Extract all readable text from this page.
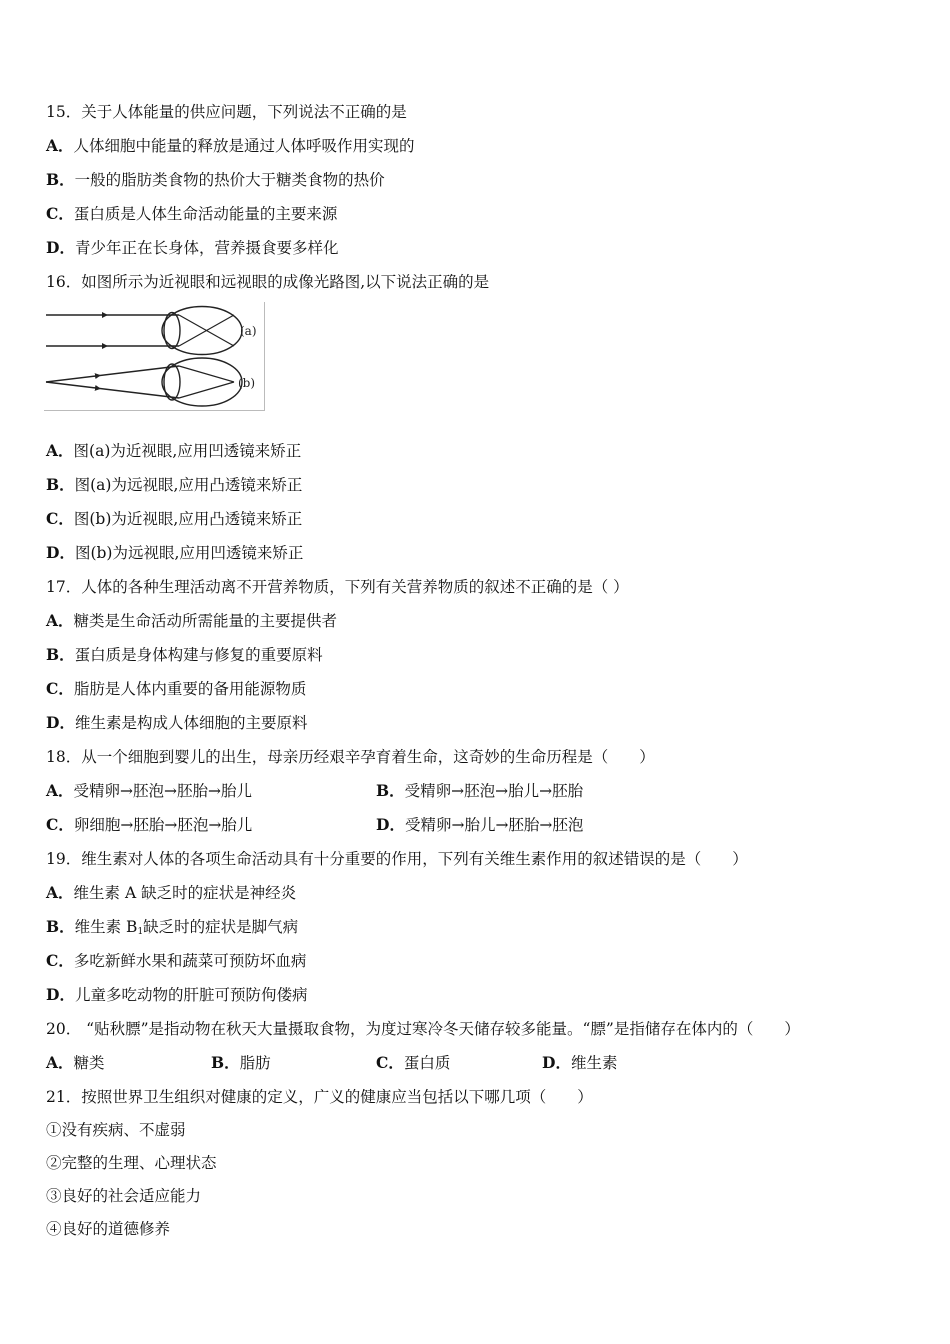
15．关于人体能量的供应问题，下列说法不正确的是
A．人体细胞中能量的释放是通过人体呼吸作用实现的
B．一般的脂肪类食物的热价大于糖类食物的热价
C．蛋白质是人体生命活动能量的主要来源
D．青少年正在长身体，营养摄食要多样化
16．如图所示为近视眼和远视眼的成像光路图,以下说法正确的是
(a)
(b)
A．图(a)为近视眼,应用凹透镜来矫正
B．图(a)为远视眼,应用凸透镜来矫正
C．图(b)为近视眼,应用凸透镜来矫正
D．图(b)为远视眼,应用凹透镜来矫正
17．人体的各种生理活动离不开营养物质，下列有关营养物质的叙述不正确的是（ ）
A．糖类是生命活动所需能量的主要提供者
B．蛋白质是身体构建与修复的重要原料
C．脂肪是人体内重要的备用能源物质
D．维生素是构成人体细胞的主要原料
18．从一个细胞到婴儿的出生，母亲历经艰辛孕育着生命，这奇妙的生命历程是（　　）
A．受精卵→胚泡→胚胎→胎儿	B．受精卵→胚泡→胎儿→胚胎
C．卵细胞→胚胎→胚泡→胎儿	D．受精卵→胎儿→胚胎→胚泡
19．维生素对人体的各项生命活动具有十分重要的作用，下列有关维生素作用的叙述错误的是（　　）
A．维生素 A 缺乏时的症状是神经炎
B．维生素 $B_1$缺乏时的症状是脚气病
C．多吃新鲜水果和蔬菜可预防坏血病
D．儿童多吃动物的肝脏可预防佝偻病
20． “贴秋膘”是指动物在秋天大量摄取食物，为度过寒冷冬天储存较多能量。“膘”是指储存在体内的（　　）
A．糖类	B．脂肪	C．蛋白质	D．维生素
21．按照世界卫生组织对健康的定义，广义的健康应当包括以下哪几项（　　）
①没有疾病、不虚弱
②完整的生理、心理状态
③良好的社会适应能力
④良好的道德修养
